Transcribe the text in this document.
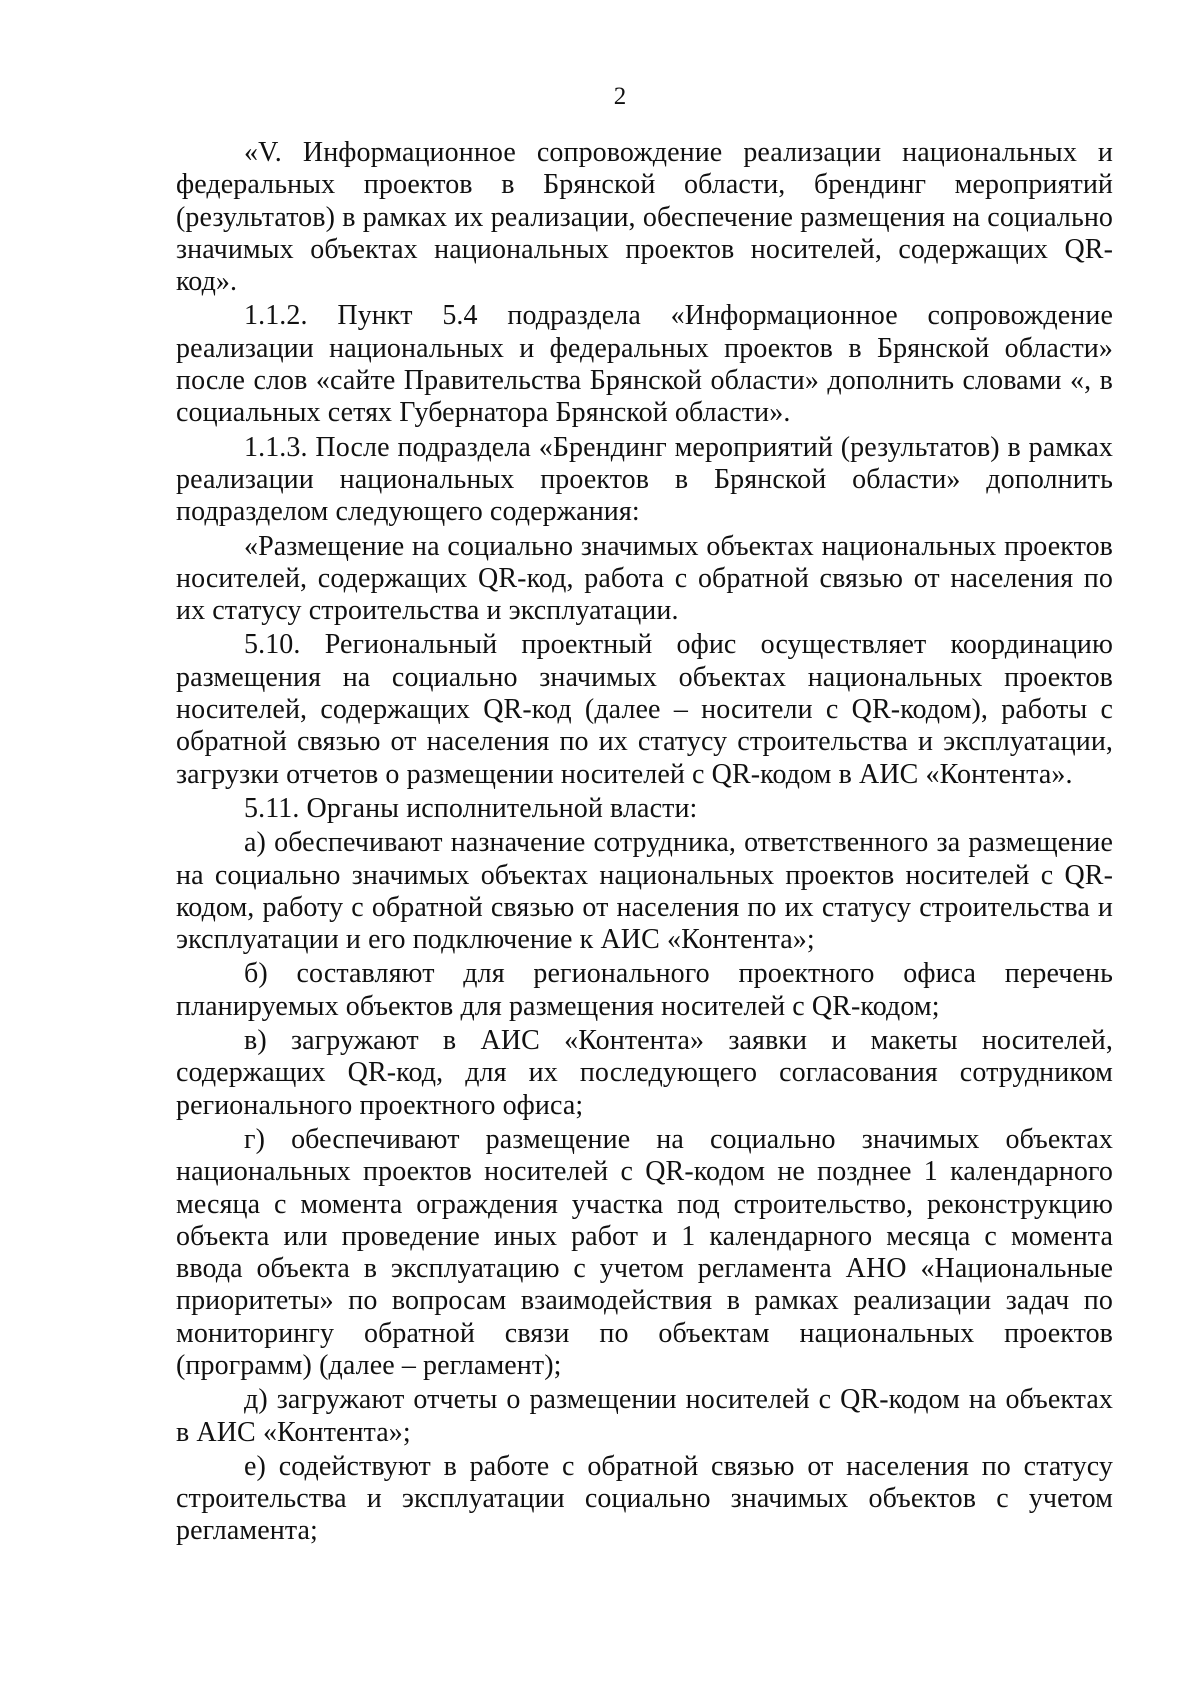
2

«V. Информационное сопровождение реализации национальных и федеральных проектов в Брянской области, брендинг мероприятий (результатов) в рамках их реализации, обеспечение размещения на социально значимых объектах национальных проектов носителей, содержащих QR-код».

1.1.2. Пункт 5.4 подраздела «Информационное сопровождение реализации национальных и федеральных проектов в Брянской области» после слов «сайте Правительства Брянской области» дополнить словами «, в социальных сетях Губернатора Брянской области».

1.1.3. После подраздела «Брендинг мероприятий (результатов) в рамках реализации национальных проектов в Брянской области» дополнить подразделом следующего содержания:

«Размещение на социально значимых объектах национальных проектов носителей, содержащих QR-код, работа с обратной связью от населения по их статусу строительства и эксплуатации.

5.10. Региональный проектный офис осуществляет координацию размещения на социально значимых объектах национальных проектов носителей, содержащих QR-код (далее – носители с QR-кодом), работы с обратной связью от населения по их статусу строительства и эксплуатации, загрузки отчетов о размещении носителей с QR-кодом в АИС «Контента».

5.11. Органы исполнительной власти:

а) обеспечивают назначение сотрудника, ответственного за размещение на социально значимых объектах национальных проектов носителей с QR-кодом, работу с обратной связью от населения по их статусу строительства и эксплуатации и его подключение к АИС «Контента»;

б) составляют для регионального проектного офиса перечень планируемых объектов для размещения носителей с QR-кодом;

в) загружают в АИС «Контента» заявки и макеты носителей, содержащих QR-код, для их последующего согласования сотрудником регионального проектного офиса;

г) обеспечивают размещение на социально значимых объектах национальных проектов носителей с QR-кодом не позднее 1 календарного месяца с момента ограждения участка под строительство, реконструкцию объекта или проведение иных работ и 1 календарного месяца с момента ввода объекта в эксплуатацию с учетом регламента АНО «Национальные приоритеты» по вопросам взаимодействия в рамках реализации задач по мониторингу обратной связи по объектам национальных проектов (программ) (далее – регламент);

д) загружают отчеты о размещении носителей с QR-кодом на объектах в АИС «Контента»;

е) содействуют в работе с обратной связью от населения по статусу строительства и эксплуатации социально значимых объектов с учетом регламента;
